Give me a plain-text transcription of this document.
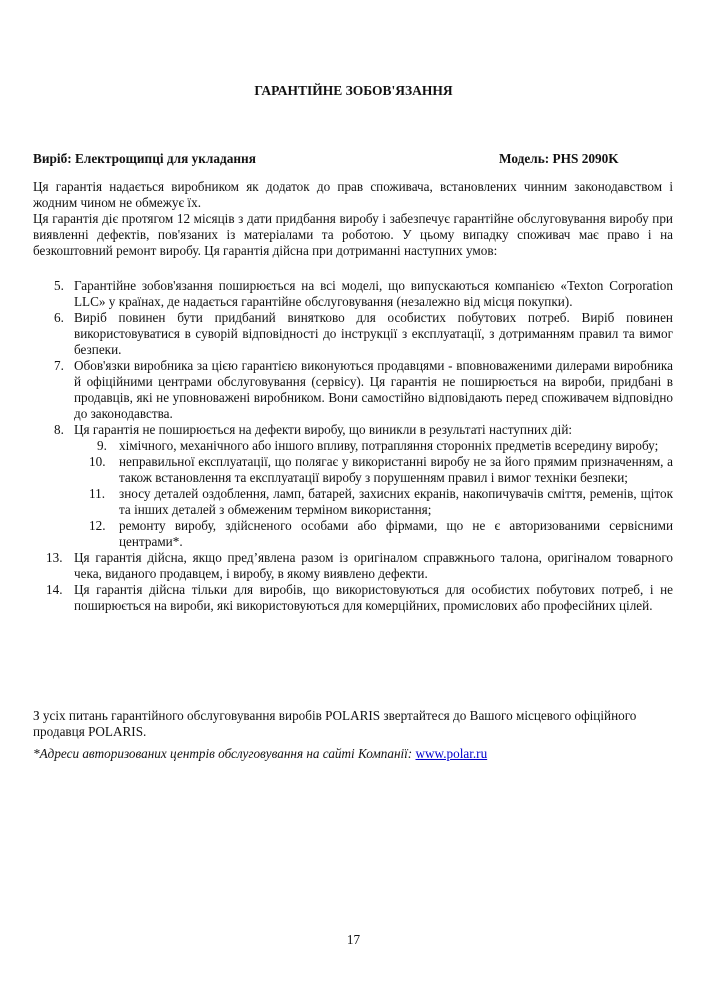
ГАРАНТІЙНЕ ЗОБОВ'ЯЗАННЯ
Виріб: Електрощипці для укладання	Модель: PHS 2090K

Ця гарантія надається виробником як додаток до прав споживача, встановлених чинним законодавством і жодним чином не обмежує їх.

Ця гарантія діє протягом 12 місяців з дати придбання виробу і забезпечує гарантійне обслуговування виробу при виявленні дефектів, пов'язаних із матеріалами та роботою. У цьому випадку споживач має право і на безкоштовний ремонт виробу. Ця гарантія дійсна при дотриманні наступних умов:

5. Гарантійне зобов'язання поширюється на всі моделі, що випускаються компанією «Texton Corporation LLC» у країнах, де надається гарантійне обслуговування (незалежно від місця покупки).
6. Виріб повинен бути придбаний винятково для особистих побутових потреб. Виріб повинен використовуватися в суворій відповідності до інструкції з експлуатації, з дотриманням правил та вимог безпеки.
7. Обов'язки виробника за цією гарантією виконуються продавцями - вповноваженими дилерами виробника й офіційними центрами обслуговування (сервісу). Ця гарантія не поширюється на вироби, придбані в продавців, які не уповноважені виробником. Вони самостійно відповідають перед споживачем відповідно до законодавства.
8. Ця гарантія не поширюється на дефекти виробу, що виникли в результаті наступних дій:
9. хімічного, механічного або іншого впливу, потрапляння сторонніх предметів всередину виробу;
10. неправильної експлуатації, що полягає у використанні виробу не за його прямим призначенням, а також встановлення та експлуатації виробу з порушенням правил і вимог техніки безпеки;
11. зносу деталей оздоблення, ламп, батарей, захисних екранів, накопичувачів сміття, ременів, щіток та інших деталей з обмеженим терміном використання;
12. ремонту виробу, здійсненого особами або фірмами, що не є авторизованими сервісними центрами*.
13. Ця гарантія дійсна, якщо пред’явлена разом із оригіналом справжнього талона, оригіналом товарного чека, виданого продавцем, і виробу, в якому виявлено дефекти.
14. Ця гарантія дійсна тільки для виробів, що використовуються для особистих побутових потреб, і не поширюється на вироби, які використовуються для комерційних, промислових або професійних цілей.

З усіх питань гарантійного обслуговування виробів POLARIS звертайтеся до Вашого місцевого офіційного продавця POLARIS.

*Адреси авторизованих центрів обслуговування на сайті Компанії: www.polar.ru
17
